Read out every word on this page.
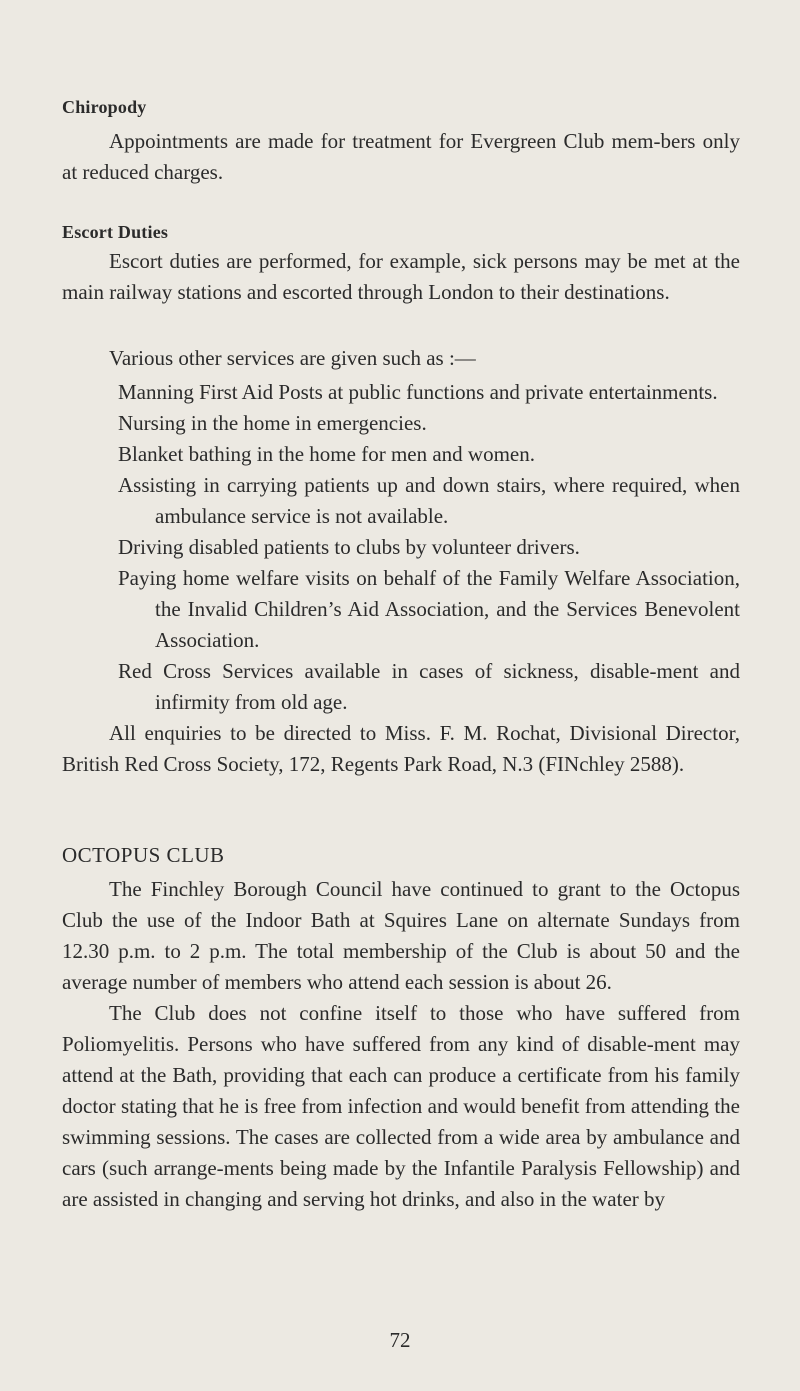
Chiropody

Appointments are made for treatment for Evergreen Club mem-bers only at reduced charges.

Escort Duties

Escort duties are performed, for example, sick persons may be met at the main railway stations and escorted through London to their destinations.

Various other services are given such as :—

Manning First Aid Posts at public functions and private entertainments.

Nursing in the home in emergencies.

Blanket bathing in the home for men and women.

Assisting in carrying patients up and down stairs, where required, when ambulance service is not available.

Driving disabled patients to clubs by volunteer drivers.

Paying home welfare visits on behalf of the Family Welfare Association, the Invalid Children’s Aid Association, and the Services Benevolent Association.

Red Cross Services available in cases of sickness, disable-ment and infirmity from old age.

All enquiries to be directed to Miss. F. M. Rochat, Divisional Director, British Red Cross Society, 172, Regents Park Road, N.3 (FINchley 2588).

OCTOPUS CLUB

The Finchley Borough Council have continued to grant to the Octopus Club the use of the Indoor Bath at Squires Lane on alternate Sundays from 12.30 p.m. to 2 p.m. The total membership of the Club is about 50 and the average number of members who attend each session is about 26.

The Club does not confine itself to those who have suffered from Poliomyelitis. Persons who have suffered from any kind of disable-ment may attend at the Bath, providing that each can produce a certificate from his family doctor stating that he is free from infection and would benefit from attending the swimming sessions. The cases are collected from a wide area by ambulance and cars (such arrange-ments being made by the Infantile Paralysis Fellowship) and are assisted in changing and serving hot drinks, and also in the water by

72
